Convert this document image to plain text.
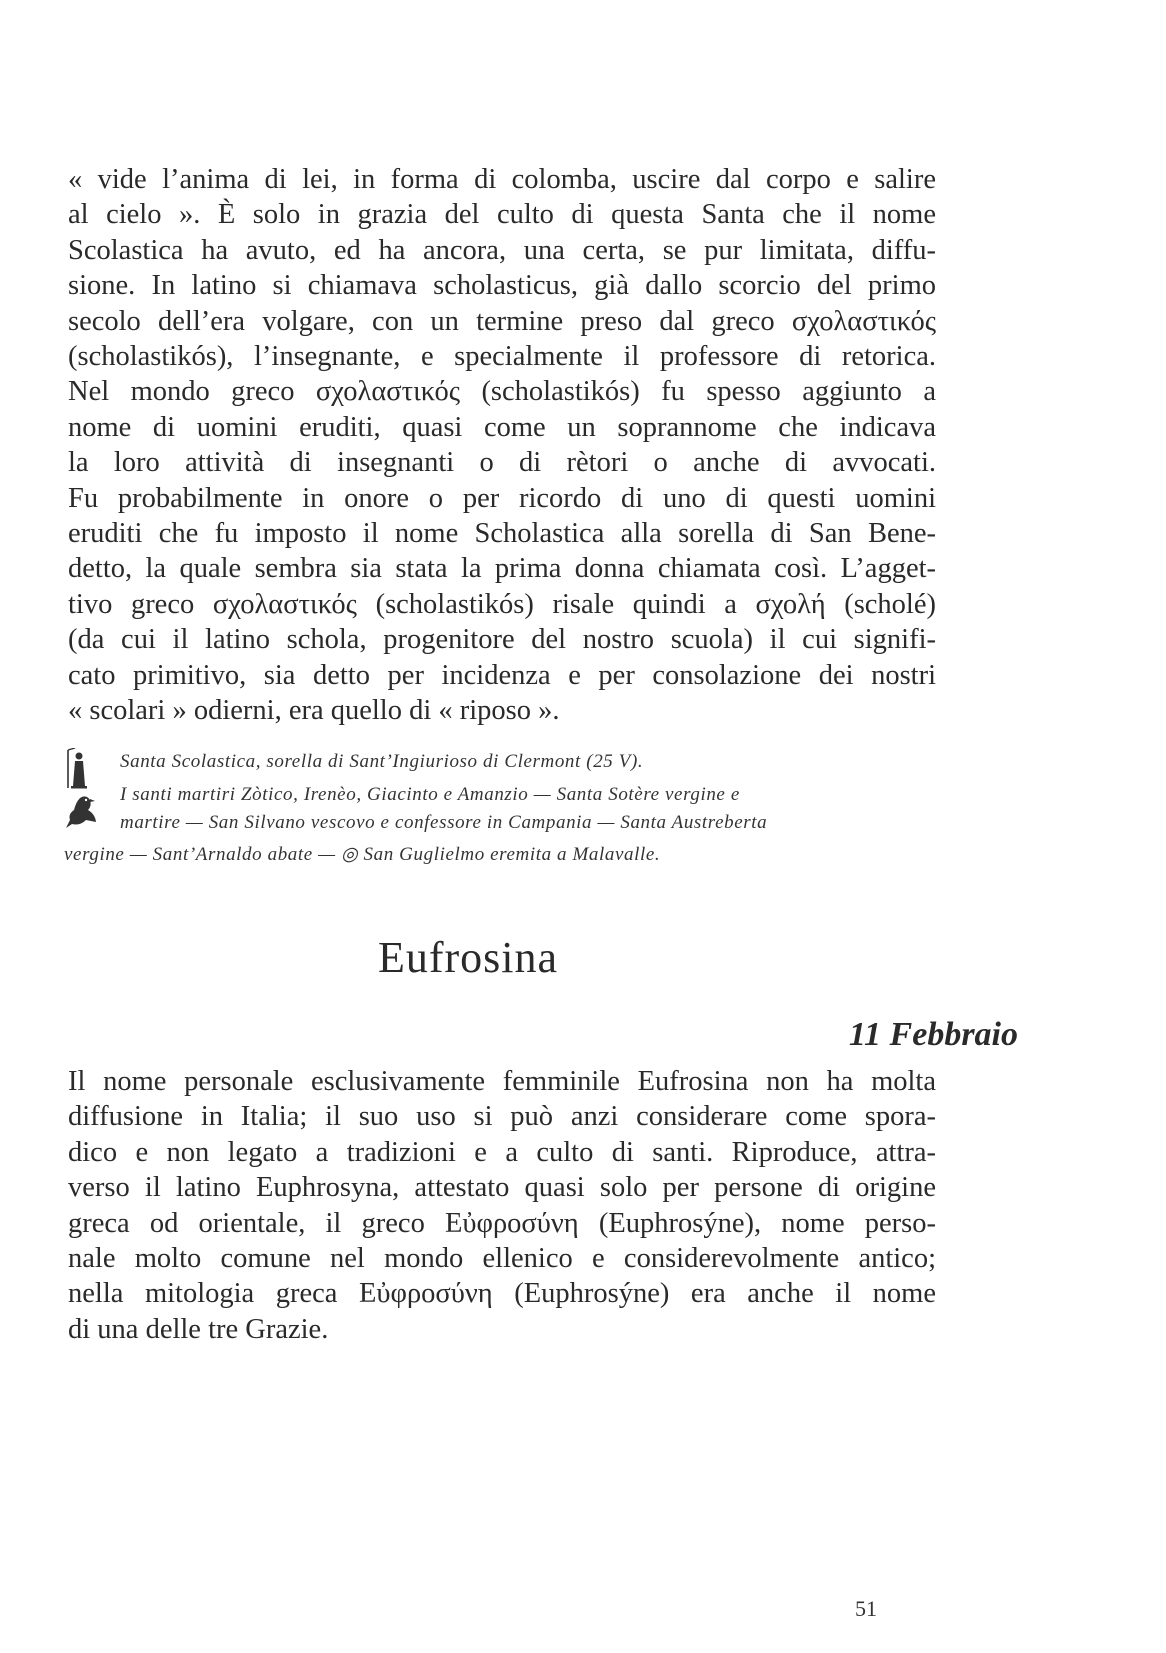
« vide l’anima di lei, in forma di colomba, uscire dal corpo e salire
al cielo ». È solo in grazia del culto di questa Santa che il nome
Scolastica ha avuto, ed ha ancora, una certa, se pur limitata, diffu-
sione. In latino si chiamava scholasticus, già dallo scorcio del primo
secolo dell’era volgare, con un termine preso dal greco σχολαστικός
(scholastikós), l’insegnante, e specialmente il professore di retorica.
Nel mondo greco σχολαστικός (scholastikós) fu spesso aggiunto a
nome di uomini eruditi, quasi come un soprannome che indicava
la loro attività di insegnanti o di rètori o anche di avvocati.
Fu probabilmente in onore o per ricordo di uno di questi uomini
eruditi che fu imposto il nome Scholastica alla sorella di San Bene-
detto, la quale sembra sia stata la prima donna chiamata così. L’agget-
tivo greco σχολαστικός (scholastikós) risale quindi a σχολή (scholé)
(da cui il latino schola, progenitore del nostro scuola) il cui signifi-
cato primitivo, sia detto per incidenza e per consolazione dei nostri
« scolari » odierni, era quello di « riposo ».
Santa Scolastica, sorella di Sant’Ingiurioso di Clermont (25 V).
I santi martiri Zòtico, Irenèo, Giacinto e Amanzio — Santa Sotère vergine e
martire — San Silvano vescovo e confessore in Campania — Santa Austreberta
vergine — Sant’Arnaldo abate — ◎ San Guglielmo eremita a Malavalle.
Eufrosina
11 Febbraio
Il nome personale esclusivamente femminile Eufrosina non ha molta
diffusione in Italia; il suo uso si può anzi considerare come spora-
dico e non legato a tradizioni e a culto di santi. Riproduce, attra-
verso il latino Euphrosyna, attestato quasi solo per persone di origine
greca od orientale, il greco Εὐφροσύνη (Euphrosýne), nome perso-
nale molto comune nel mondo ellenico e considerevolmente antico;
nella mitologia greca Εὐφροσύνη (Euphrosýne) era anche il nome
di una delle tre Grazie.
51
